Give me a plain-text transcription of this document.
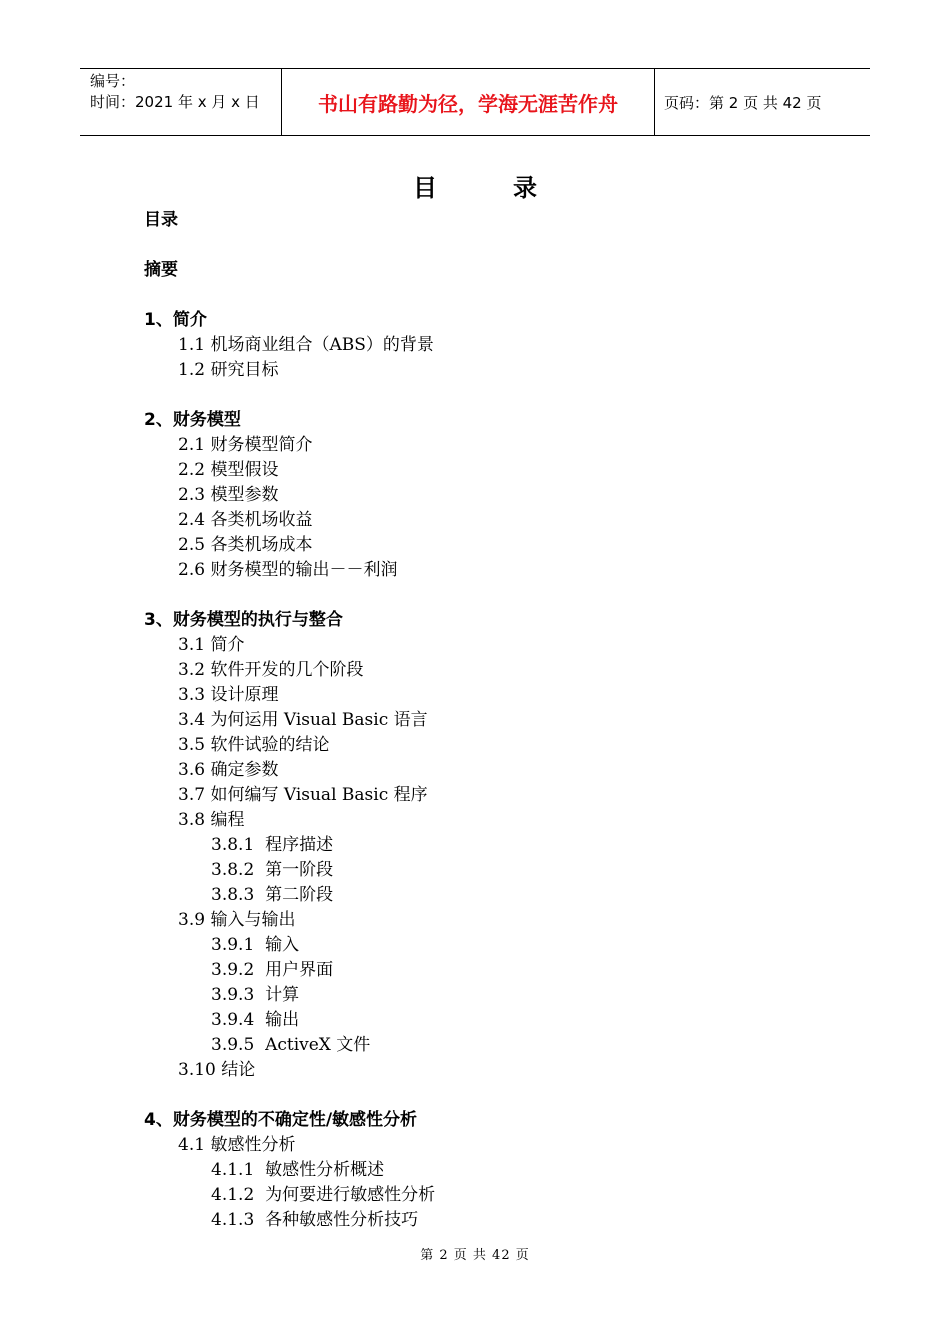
编号：
时间：2021 年 x 月 x 日	书山有路勤为径，学海无涯苦作舟	页码：第 2 页 共 42 页
目	录
目录
摘要
1、简介
1.1 机场商业组合（ABS）的背景
1.2 研究目标
2、财务模型
2.1 财务模型简介
2.2 模型假设
2.3 模型参数
2.4 各类机场收益
2.5 各类机场成本
2.6 财务模型的输出－－利润
3、财务模型的执行与整合
3.1 简介
3.2 软件开发的几个阶段
3.3 设计原理
3.4 为何运用 Visual Basic 语言
3.5 软件试验的结论
3.6 确定参数
3.7 如何编写 Visual Basic 程序
3.8 编程
3.8.1  程序描述
3.8.2  第一阶段
3.8.3  第二阶段
3.9 输入与输出
3.9.1  输入
3.9.2  用户界面
3.9.3  计算
3.9.4  输出
3.9.5  ActiveX 文件
3.10 结论
4、财务模型的不确定性/敏感性分析
4.1 敏感性分析
4.1.1  敏感性分析概述
4.1.2  为何要进行敏感性分析
4.1.3  各种敏感性分析技巧
第 2 页 共 42 页
